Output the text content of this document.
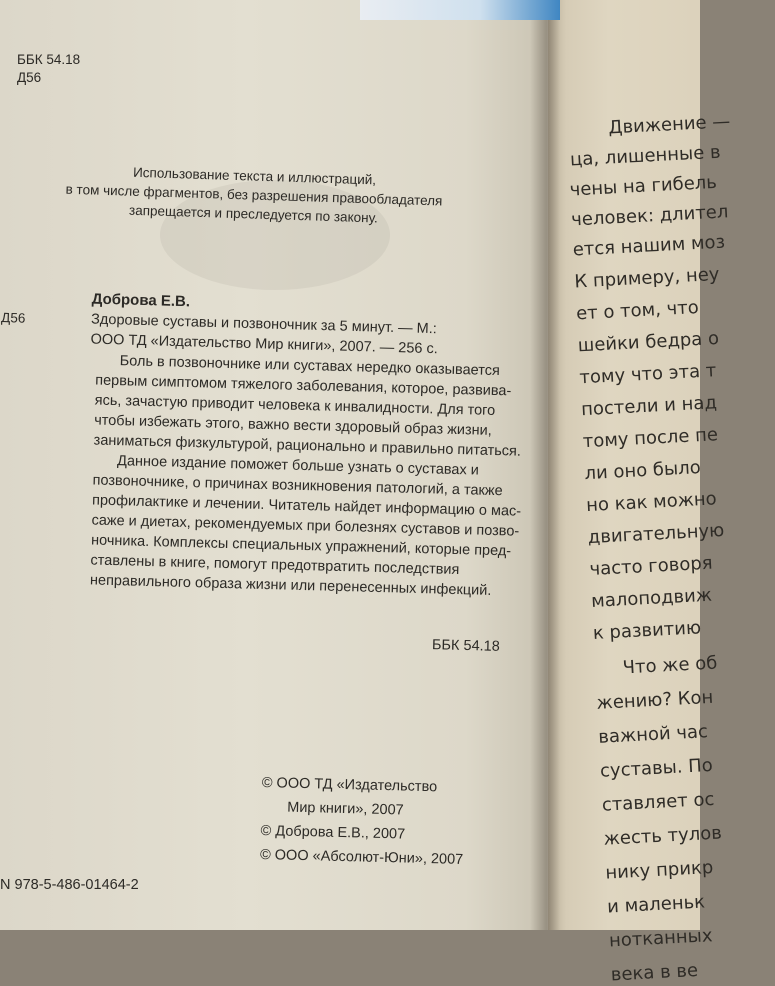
ББК 54.18
Д56
Использование текста и иллюстраций,
в том числе фрагментов, без разрешения правообладателя
запрещается и преследуется по закону.
Доброва Е.В.
Д56	Здоровые суставы и позвоночник за 5 минут. — М.:
ООО ТД «Издательство Мир книги», 2007. — 256 с.
Боль в позвоночнике или суставах нередко оказывается
первым симптомом тяжелого заболевания, которое, развива-
ясь, зачастую приводит человека к инвалидности. Для того
чтобы избежать этого, важно вести здоровый образ жизни,
заниматься физкультурой, рационально и правильно питаться.
Данное издание поможет больше узнать о суставах и
позвоночнике, о причинах возникновения патологий, а также
профилактике и лечении. Читатель найдет информацию о мас-
саже и диетах, рекомендуемых при болезнях суставов и позво-
ночника. Комплексы специальных упражнений, которые пред-
ставлены в книге, помогут предотвратить последствия
неправильного образа жизни или перенесенных инфекций.
ББК 54.18
© ООО ТД «Издательство
Мир книги», 2007
© Доброва Е.В., 2007
© ООО «Абсолют-Юни», 2007
N 978-5-486-01464-2
Движение —
ца, лишенные в
чены на гибель
человек: длител
ется нашим моз
К примеру, неу
ет о том, что
шейки бедра о
тому что эта т
постели и над
тому после пе
ли оно было
но как можно
двигательную
часто говоря
малоподвиж
к развитию
Что же об
жению? Кон
важной час
суставы. По
ставляет ос
жесть тулов
нику прикр
и маленьк
нотканных
века в ве
